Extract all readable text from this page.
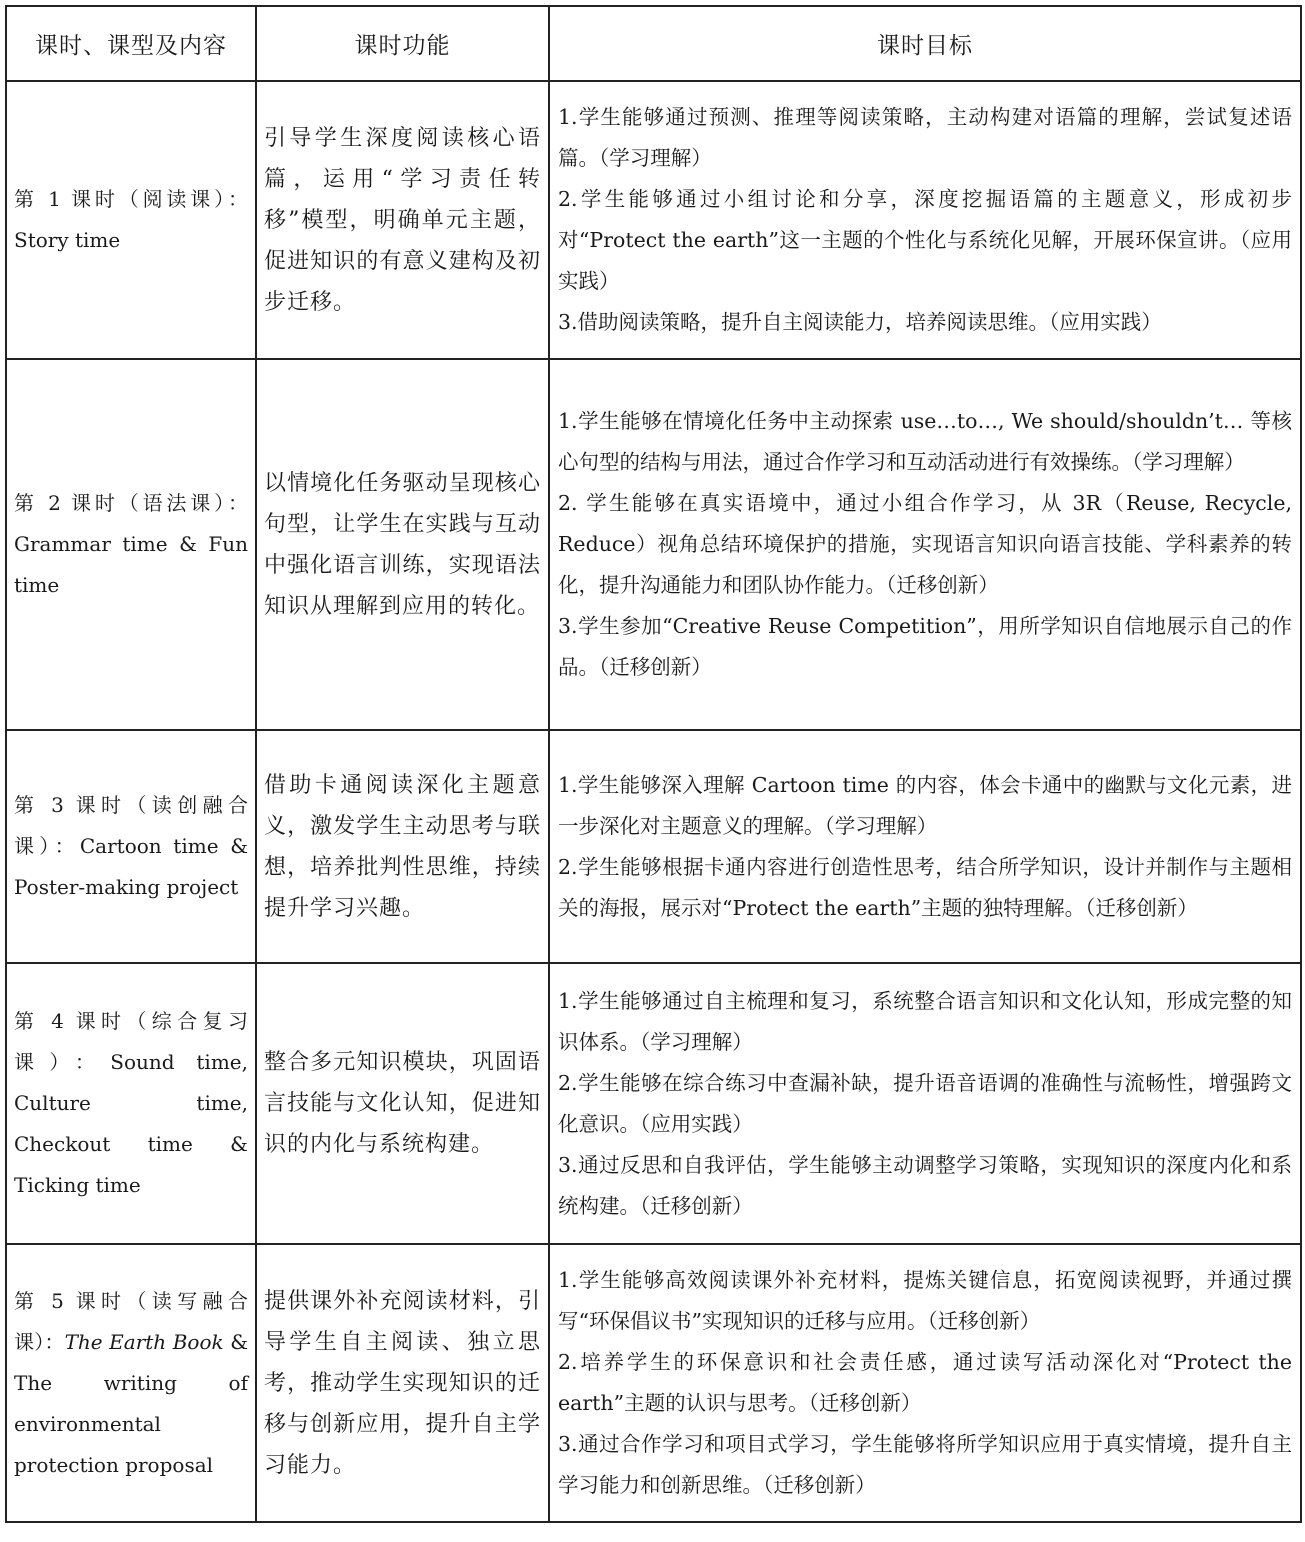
课时、课型及内容	课时功能	课时目标
第 1 课时（阅读课）：Story time	引导学生深度阅读核心语篇，运用“学习责任转移”模型，明确单元主题，促进知识的有意义建构及初步迁移。	1.学生能够通过预测、推理等阅读策略，主动构建对语篇的理解，尝试复述语篇。（学习理解）
2.学生能够通过小组讨论和分享，深度挖掘语篇的主题意义，形成初步对“Protect the earth”这一主题的个性化与系统化见解，开展环保宣讲。（应用实践）
3.借助阅读策略，提升自主阅读能力，培养阅读思维。（应用实践）

第 2 课时（语法课）：Grammar time & Fun time	以情境化任务驱动呈现核心句型，让学生在实践与互动中强化语言训练，实现语法知识从理解到应用的转化。	1.学生能够在情境化任务中主动探索 use…to…, We should/shouldn’t… 等核心句型的结构与用法，通过合作学习和互动活动进行有效操练。（学习理解）
2. 学生能够在真实语境中，通过小组合作学习，从 3R（Reuse, Recycle, Reduce）视角总结环境保护的措施，实现语言知识向语言技能、学科素养的转化，提升沟通能力和团队协作能力。（迁移创新）
3.学生参加“Creative Reuse Competition”，用所学知识自信地展示自己的作品。（迁移创新）

第 3 课时（读创融合课）：Cartoon time & Poster-making project	借助卡通阅读深化主题意义，激发学生主动思考与联想，培养批判性思维，持续提升学习兴趣。	1.学生能够深入理解 Cartoon time 的内容，体会卡通中的幽默与文化元素，进一步深化对主题意义的理解。（学习理解）
2.学生能够根据卡通内容进行创造性思考，结合所学知识，设计并制作与主题相关的海报，展示对“Protect the earth”主题的独特理解。（迁移创新）

第 4 课时（综合复习课）：Sound time, Culture time, Checkout time & Ticking time	整合多元知识模块，巩固语言技能与文化认知，促进知识的内化与系统构建。	1.学生能够通过自主梳理和复习，系统整合语言知识和文化认知，形成完整的知识体系。（学习理解）
2.学生能够在综合练习中查漏补缺，提升语音语调的准确性与流畅性，增强跨文化意识。（应用实践）
3.通过反思和自我评估，学生能够主动调整学习策略，实现知识的深度内化和系统构建。（迁移创新）

第 5 课时（读写融合课）：The Earth Book & The writing of environmental protection proposal	提供课外补充阅读材料，引导学生自主阅读、独立思考，推动学生实现知识的迁移与创新应用，提升自主学习能力。	1.学生能够高效阅读课外补充材料，提炼关键信息，拓宽阅读视野，并通过撰写“环保倡议书”实现知识的迁移与应用。（迁移创新）
2.培养学生的环保意识和社会责任感，通过读写活动深化对“Protect the earth”主题的认识与思考。（迁移创新）
3.通过合作学习和项目式学习，学生能够将所学知识应用于真实情境，提升自主学习能力和创新思维。（迁移创新）
